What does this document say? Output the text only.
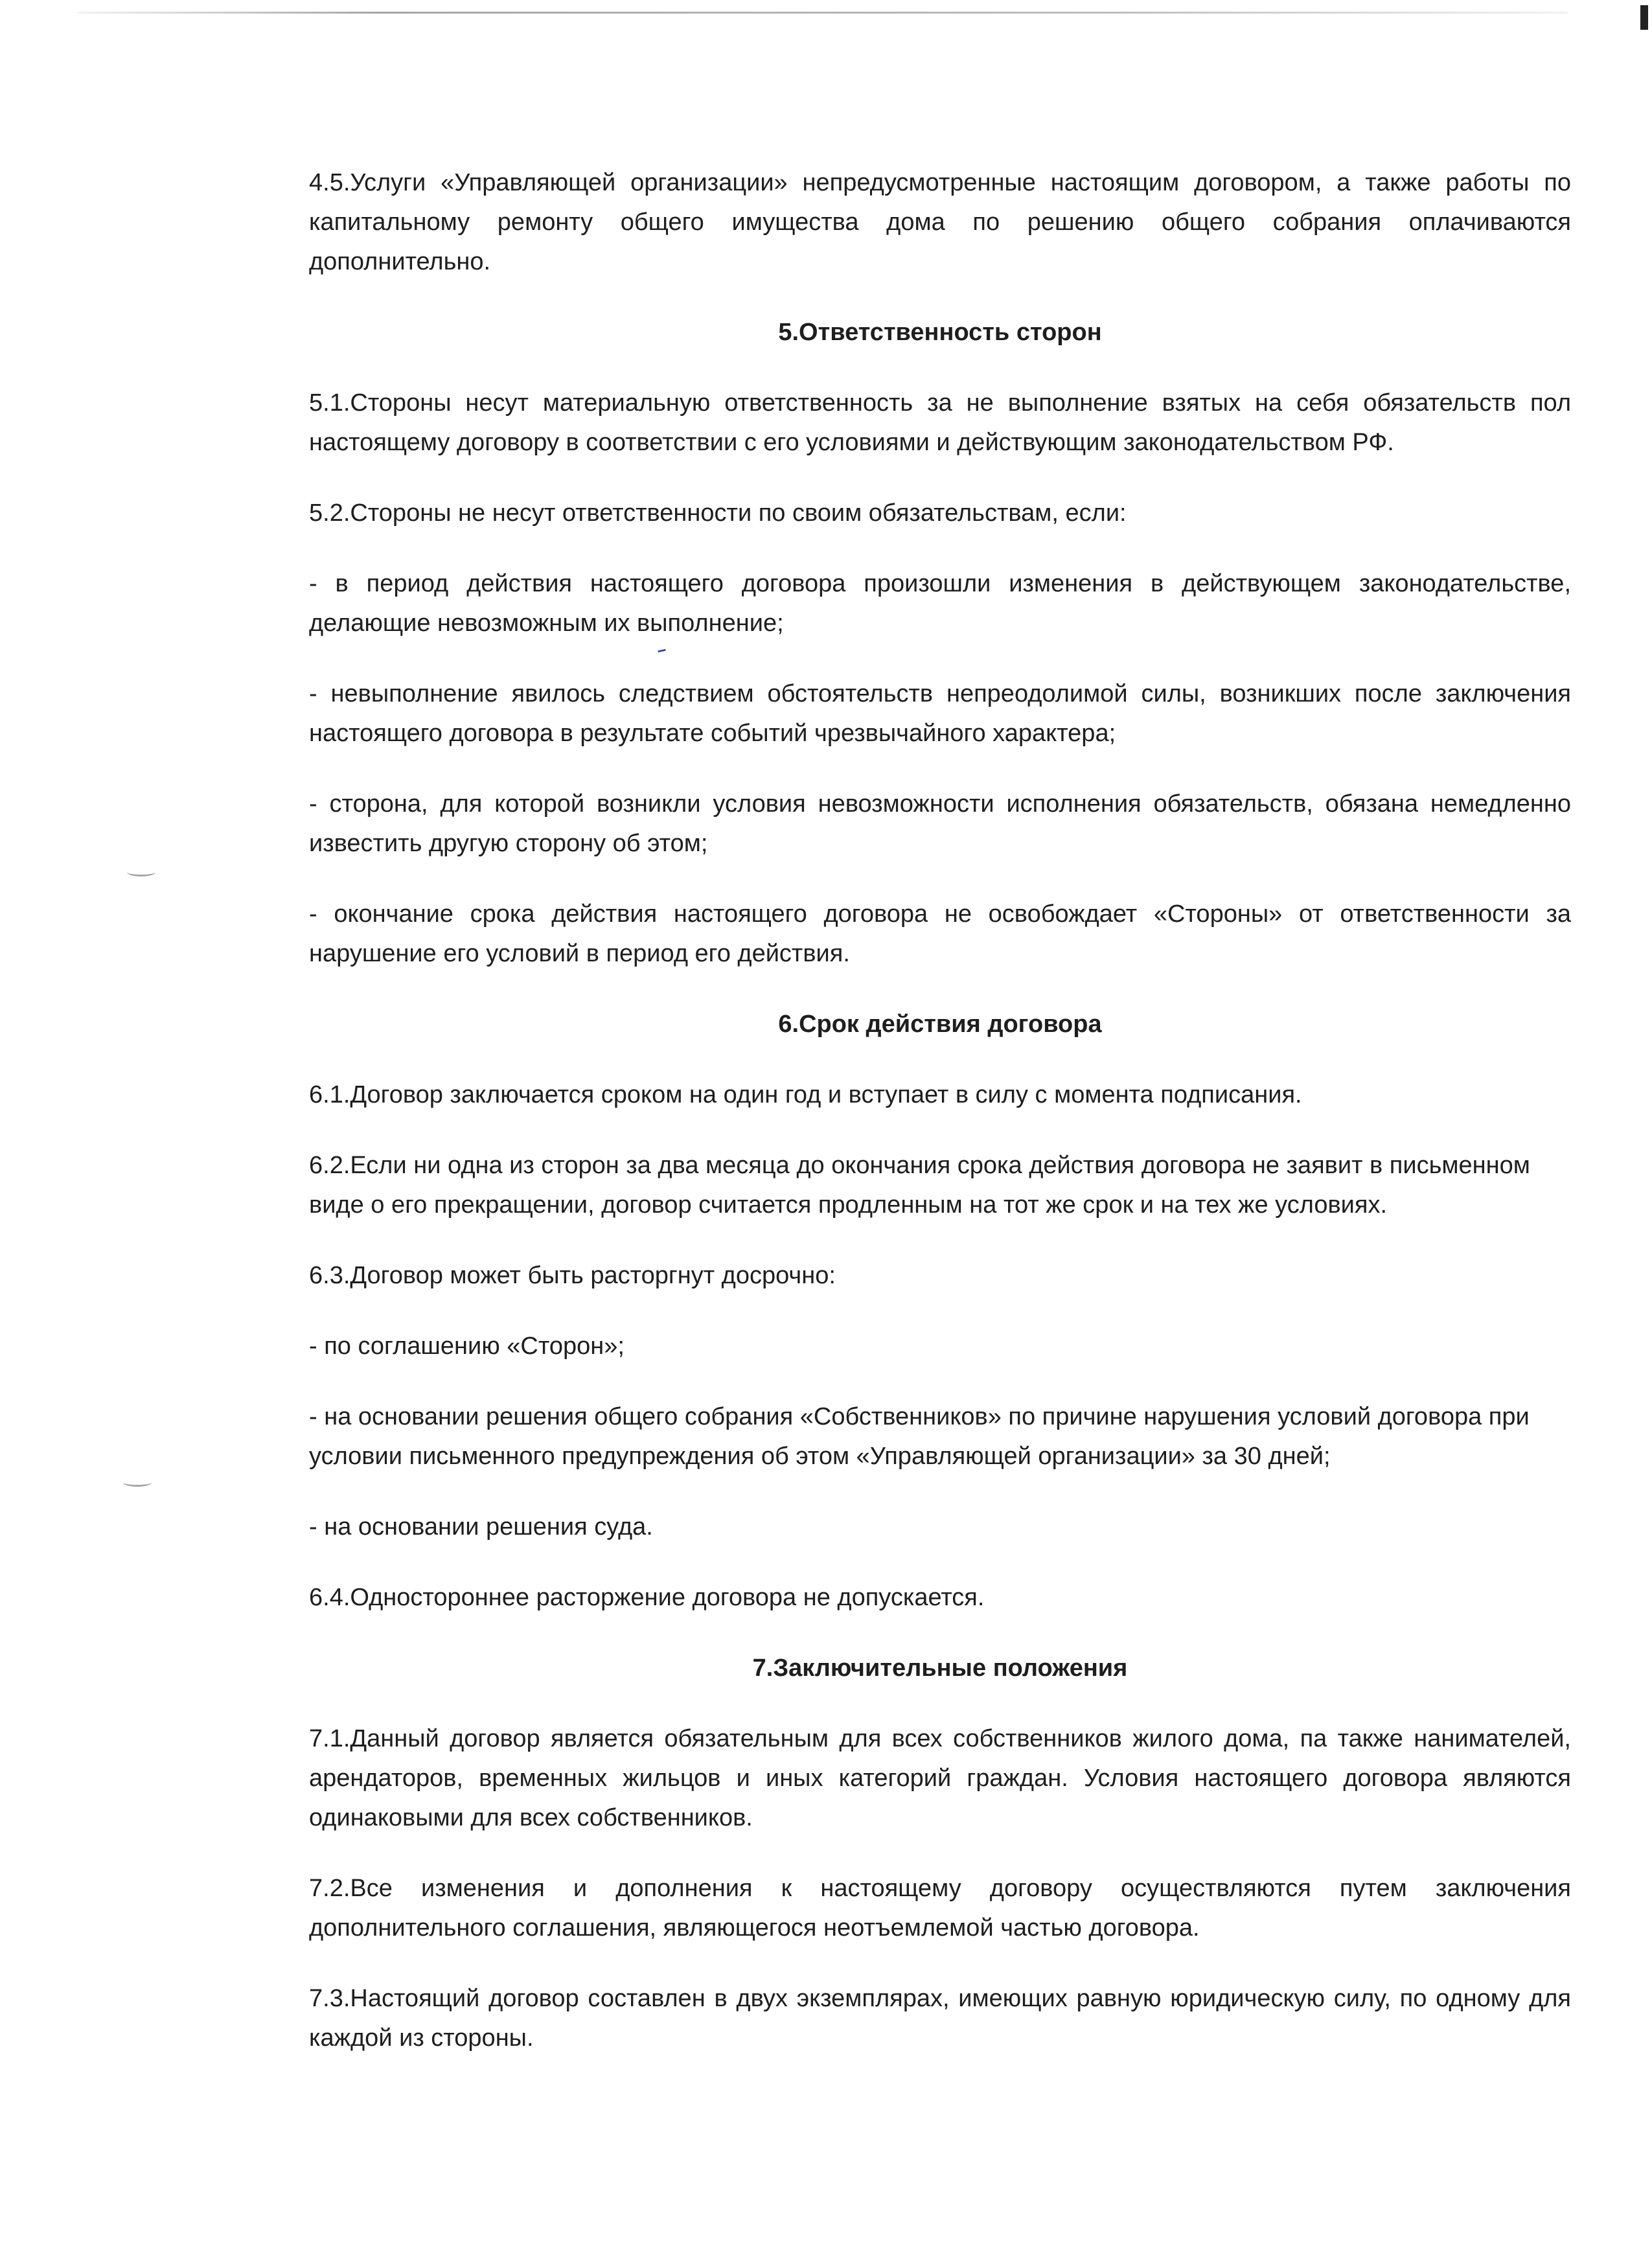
4.5.Услуги «Управляющей организации» непредусмотренные настоящим договором, а также работы по капитальному ремонту общего имущества дома по решению общего собрания оплачиваются дополнительно.

5.Ответственность сторон

5.1.Стороны несут материальную ответственность за не выполнение взятых на себя обязательств пол настоящему договору в соответствии с его условиями и действующим законодательством РФ.

5.2.Стороны не несут ответственности по своим обязательствам, если:

- в период действия настоящего договора произошли изменения в действующем законодательстве, делающие невозможным их выполнение;

- невыполнение явилось следствием обстоятельств непреодолимой силы, возникших после заключения настоящего договора в результате событий чрезвычайного характера;

- сторона, для которой возникли условия невозможности исполнения обязательств, обязана немедленно известить другую сторону об этом;

- окончание срока действия настоящего договора не освобождает «Стороны» от ответственности за нарушение его условий в период его действия.

6.Срок действия договора

6.1.Договор заключается сроком на один год и вступает в силу с момента подписания.

6.2.Если ни одна из сторон за два месяца до окончания срока действия договора не заявит в письменном виде о его прекращении, договор считается продленным на тот же срок и на тех же условиях.

6.3.Договор может быть расторгнут досрочно:

- по соглашению «Сторон»;

- на основании решения общего собрания «Собственников» по причине нарушения условий договора при условии письменного предупреждения об этом «Управляющей организации» за 30 дней;

- на основании решения суда.

6.4.Одностороннее расторжение договора не допускается.

7.Заключительные положения

7.1.Данный договор является обязательным для всех собственников жилого дома, па также нанимателей, арендаторов, временных жильцов и иных категорий граждан. Условия настоящего договора являются одинаковыми для всех собственников.

7.2.Все изменения и дополнения к настоящему договору осуществляются путем заключения дополнительного соглашения, являющегося неотъемлемой частью договора.

7.3.Настоящий договор составлен в двух экземплярах, имеющих равную юридическую силу, по одному для каждой из стороны.
